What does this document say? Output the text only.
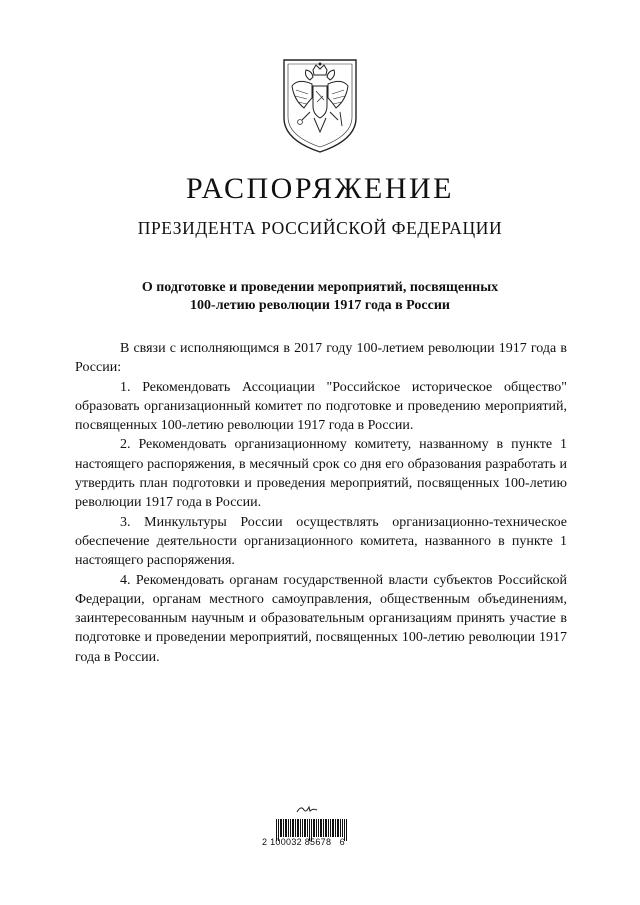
РАСПОРЯЖЕНИЕ
ПРЕЗИДЕНТА РОССИЙСКОЙ ФЕДЕРАЦИИ
О подготовке и проведении мероприятий, посвященных
100-летию революции 1917 года в России

В связи с исполняющимся в 2017 году 100-летием революции 1917 года в России:

1. Рекомендовать Ассоциации "Российское историческое общество" образовать организационный комитет по подготовке и проведению мероприятий, посвященных 100-летию революции 1917 года в России.

2. Рекомендовать организационному комитету, названному в пункте 1 настоящего распоряжения, в месячный срок со дня его образования разработать и утвердить план подготовки и проведения мероприятий, посвященных 100-летию революции 1917 года в России.

3. Минкультуры России осуществлять организационно-техническое обеспечение деятельности организационного комитета, названного в пункте 1 настоящего распоряжения.

4. Рекомендовать органам государственной власти субъектов Российской Федерации, органам местного самоуправления, общественным объединениям, заинтересованным научным и образовательным организациям принять участие в подготовке и проведении мероприятий, посвященных 100-летию революции 1917 года в России.

2 100032 85678   6
